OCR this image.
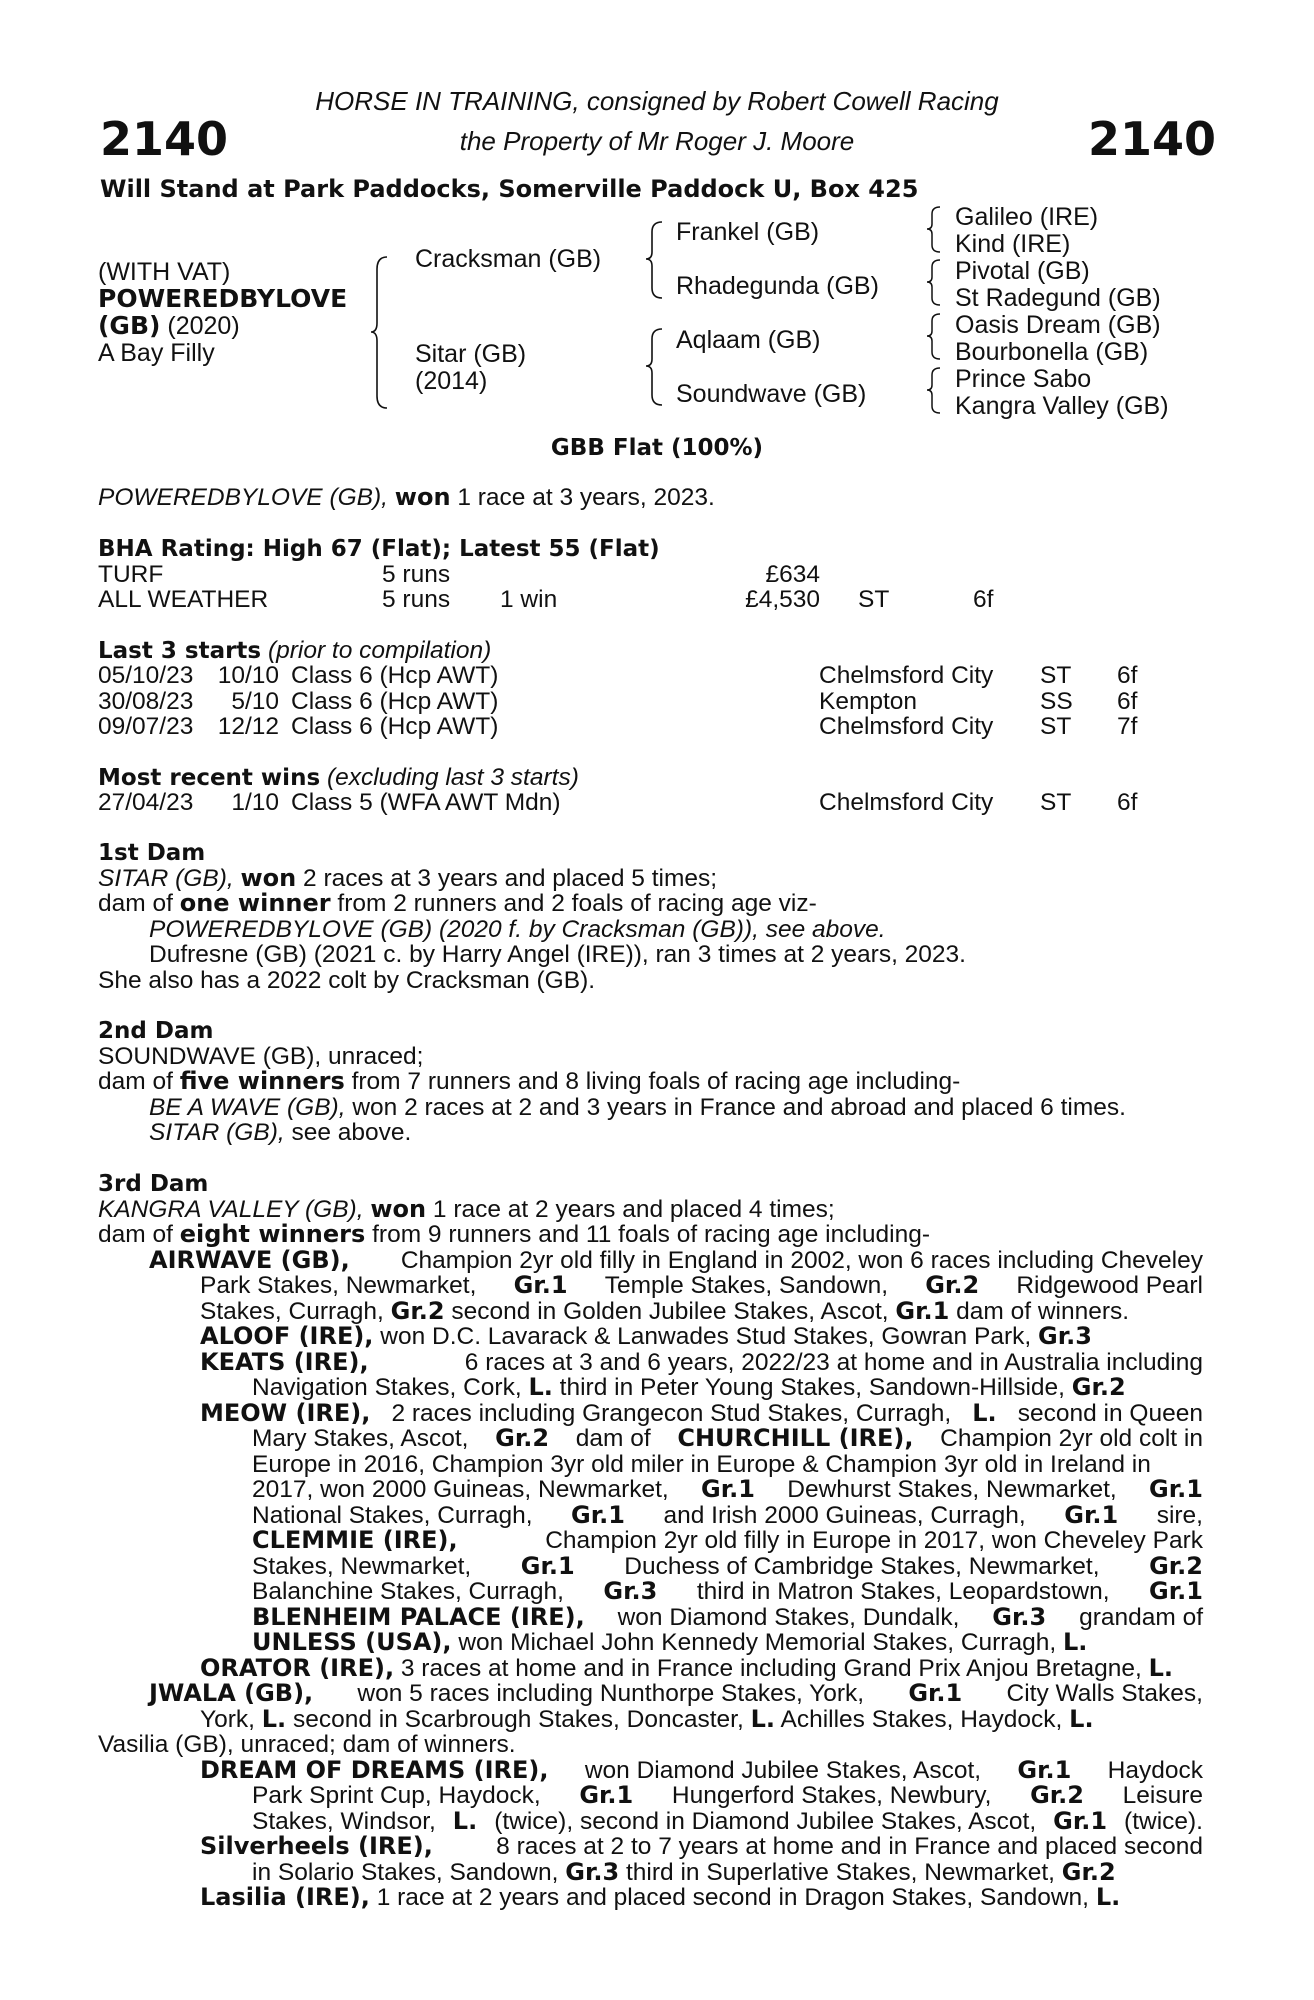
2140	2140
HORSE IN TRAINING, consigned by Robert Cowell Racing
the Property of Mr Roger J. Moore
Will Stand at Park Paddocks, Somerville Paddock U, Box 425
(WITH VAT)
POWEREDBYLOVE
(GB) (2020)
A Bay Filly
Cracksman (GB)
Sitar (GB)
(2014)
Frankel (GB)
Rhadegunda (GB)
Aqlaam (GB)
Soundwave (GB)
Galileo (IRE)
Kind (IRE)
Pivotal (GB)
St Radegund (GB)
Oasis Dream (GB)
Bourbonella (GB)
Prince Sabo
Kangra Valley (GB)
GBB Flat (100%)
POWEREDBYLOVE (GB), won 1 race at 3 years, 2023.
BHA Rating: High 67 (Flat); Latest 55 (Flat)
TURF	5 runs	£634
ALL WEATHER	5 runs 1 win	£4,530 ST	6f
Last 3 starts (prior to compilation)
05/10/23 10/10 Class 6 (Hcp AWT)	Chelmsford City ST 6f
30/08/23 5/10 Class 6 (Hcp AWT)	Kempton	SS 6f
09/07/23 12/12 Class 6 (Hcp AWT)	Chelmsford City ST 7f
Most recent wins (excluding last 3 starts)
27/04/23 1/10 Class 5 (WFA AWT Mdn)	Chelmsford City ST 6f
1st Dam
SITAR (GB), won 2 races at 3 years and placed 5 times;
dam of one winner from 2 runners and 2 foals of racing age viz-
POWEREDBYLOVE (GB) (2020 f. by Cracksman (GB)), see above.
Dufresne (GB) (2021 c. by Harry Angel (IRE)), ran 3 times at 2 years, 2023.
She also has a 2022 colt by Cracksman (GB).
2nd Dam
SOUNDWAVE (GB), unraced;
dam of five winners from 7 runners and 8 living foals of racing age including-
BE A WAVE (GB), won 2 races at 2 and 3 years in France and abroad and placed 6 times.
SITAR (GB), see above.
3rd Dam
KANGRA VALLEY (GB), won 1 race at 2 years and placed 4 times;
dam of eight winners from 9 runners and 11 foals of racing age including-
AIRWAVE (GB), Champion 2yr old filly in England in 2002, won 6 races including Cheveley
Park Stakes, Newmarket, Gr.1 Temple Stakes, Sandown, Gr.2 Ridgewood Pearl
Stakes, Curragh, Gr.2 second in Golden Jubilee Stakes, Ascot, Gr.1 dam of winners.
ALOOF (IRE), won D.C. Lavarack & Lanwades Stud Stakes, Gowran Park, Gr.3
KEATS (IRE),	6 races at 3 and 6 years, 2022/23 at home and in Australia including
Navigation Stakes, Cork, L. third in Peter Young Stakes, Sandown-Hillside, Gr.2
MEOW (IRE), 2 races including Grangecon Stud Stakes, Curragh, L. second in Queen
Mary Stakes, Ascot, Gr.2 dam of CHURCHILL (IRE), Champion 2yr old colt in
Europe in 2016, Champion 3yr old miler in Europe & Champion 3yr old in Ireland in
2017, won 2000 Guineas, Newmarket, Gr.1 Dewhurst Stakes, Newmarket, Gr.1
National Stakes, Curragh, Gr.1 and Irish 2000 Guineas, Curragh, Gr.1 sire,
CLEMMIE (IRE),	Champion 2yr old filly in Europe in 2017, won Cheveley Park
Stakes, Newmarket, Gr.1 Duchess of Cambridge Stakes, Newmarket, Gr.2
Balanchine Stakes, Curragh, Gr.3 third in Matron Stakes, Leopardstown, Gr.1
BLENHEIM PALACE (IRE), won Diamond Stakes, Dundalk, Gr.3 grandam of
UNLESS (USA), won Michael John Kennedy Memorial Stakes, Curragh, L.
ORATOR (IRE), 3 races at home and in France including Grand Prix Anjou Bretagne, L.
JWALA (GB), won 5 races including Nunthorpe Stakes, York, Gr.1 City Walls Stakes,
York, L. second in Scarbrough Stakes, Doncaster, L. Achilles Stakes, Haydock, L.
Vasilia (GB), unraced; dam of winners.
DREAM OF DREAMS (IRE), won Diamond Jubilee Stakes, Ascot, Gr.1 Haydock
Park Sprint Cup, Haydock, Gr.1 Hungerford Stakes, Newbury, Gr.2 Leisure
Stakes, Windsor, L. (twice), second in Diamond Jubilee Stakes, Ascot, Gr.1 (twice).
Silverheels (IRE),	8 races at 2 to 7 years at home and in France and placed second
in Solario Stakes, Sandown, Gr.3 third in Superlative Stakes, Newmarket, Gr.2
Lasilia (IRE), 1 race at 2 years and placed second in Dragon Stakes, Sandown, L.
